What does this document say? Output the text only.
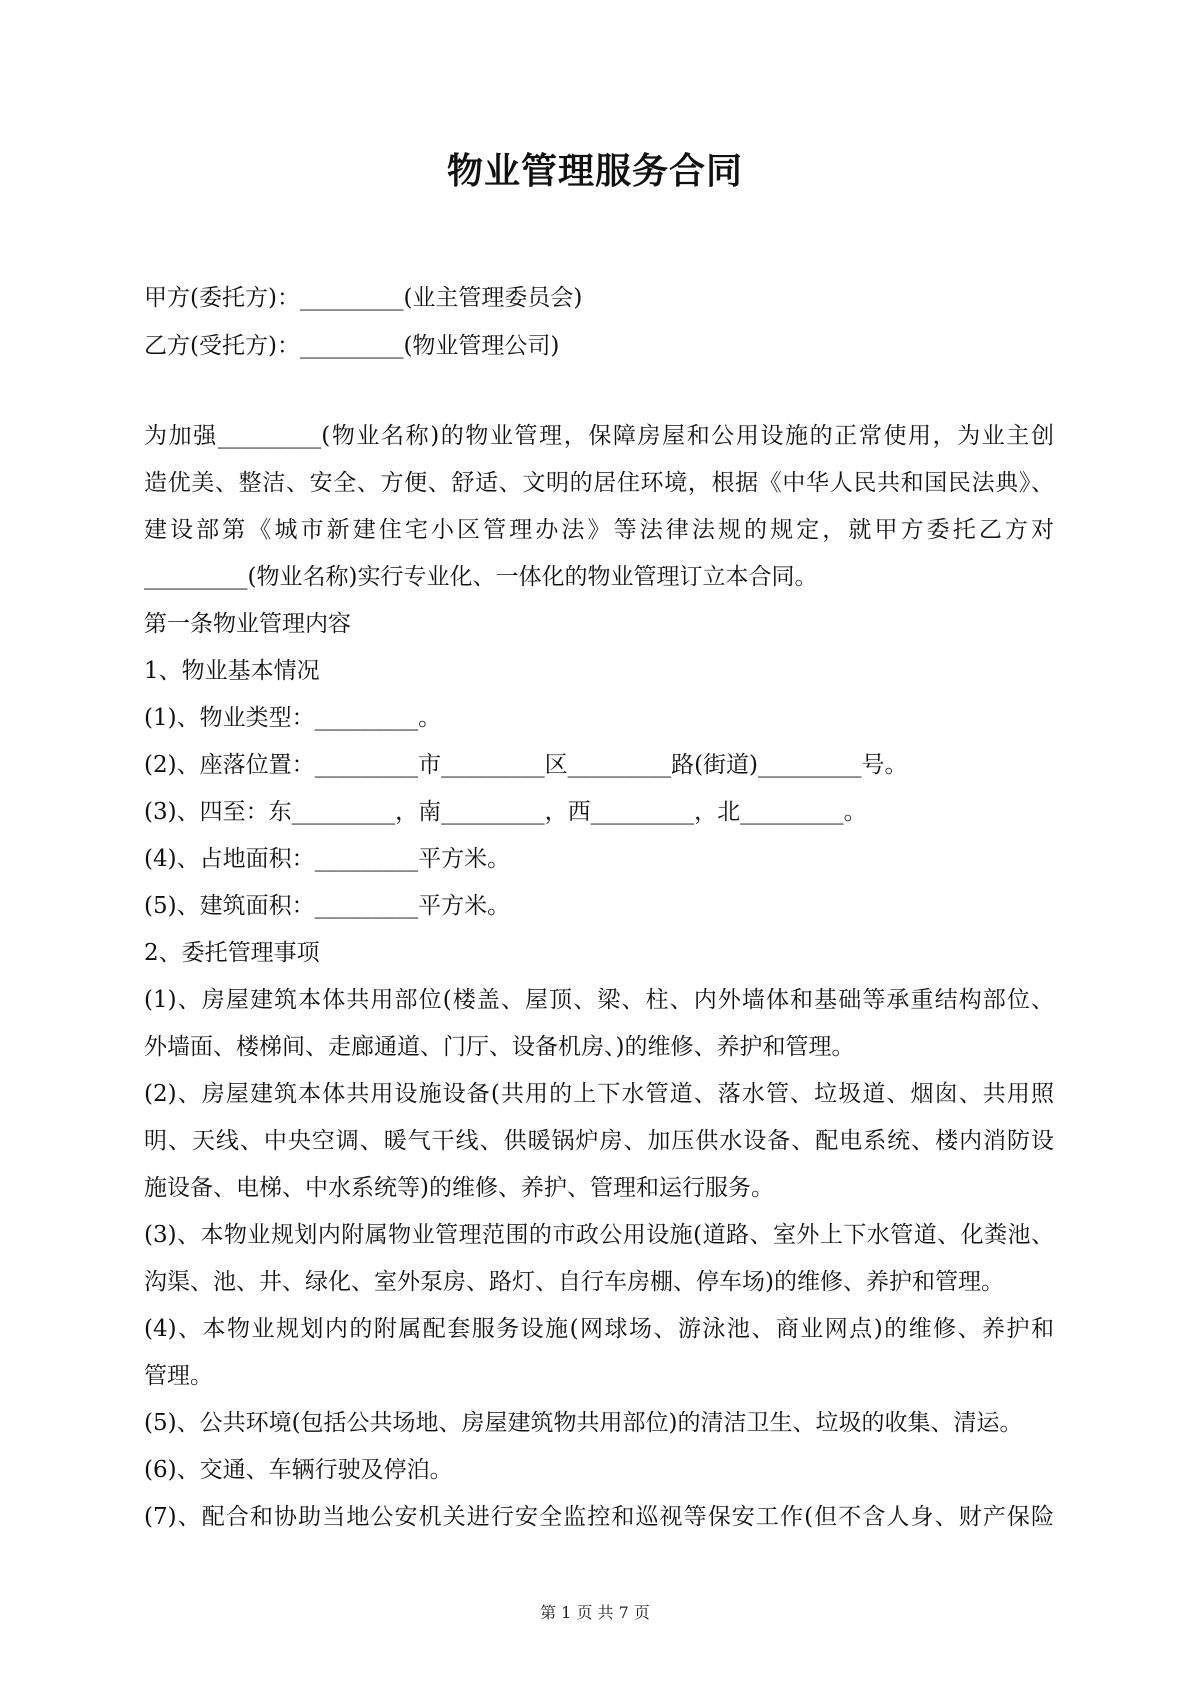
物业管理服务合同
甲方(委托方)：_________(业主管理委员会)
乙方(受托方)：_________(物业管理公司)
为加强_________(物业名称)的物业管理，保障房屋和公用设施的正常使用，为业主创
造优美、整洁、安全、方便、舒适、文明的居住环境，根据《中华人民共和国民法典》、
建设部第《城市新建住宅小区管理办法》等法律法规的规定，就甲方委托乙方对
_________(物业名称)实行专业化、一体化的物业管理订立本合同。
第一条物业管理内容
1、物业基本情况
(1)、物业类型：_________。
(2)、座落位置：_________市_________区_________路(街道)_________号。
(3)、四至：东_________，南_________，西_________，北_________。
(4)、占地面积：_________平方米。
(5)、建筑面积：_________平方米。
2、委托管理事项
(1)、房屋建筑本体共用部位(楼盖、屋顶、梁、柱、内外墙体和基础等承重结构部位、
外墙面、楼梯间、走廊通道、门厅、设备机房、)的维修、养护和管理。
(2)、房屋建筑本体共用设施设备(共用的上下水管道、落水管、垃圾道、烟囱、共用照
明、天线、中央空调、暖气干线、供暖锅炉房、加压供水设备、配电系统、楼内消防设
施设备、电梯、中水系统等)的维修、养护、管理和运行服务。
(3)、本物业规划内附属物业管理范围的市政公用设施(道路、室外上下水管道、化粪池、
沟渠、池、井、绿化、室外泵房、路灯、自行车房棚、停车场)的维修、养护和管理。
(4)、本物业规划内的附属配套服务设施(网球场、游泳池、商业网点)的维修、养护和
管理。
(5)、公共环境(包括公共场地、房屋建筑物共用部位)的清洁卫生、垃圾的收集、清运。
(6)、交通、车辆行驶及停泊。
(7)、配合和协助当地公安机关进行安全监控和巡视等保安工作(但不含人身、财产保险
第 1 页 共 7 页
